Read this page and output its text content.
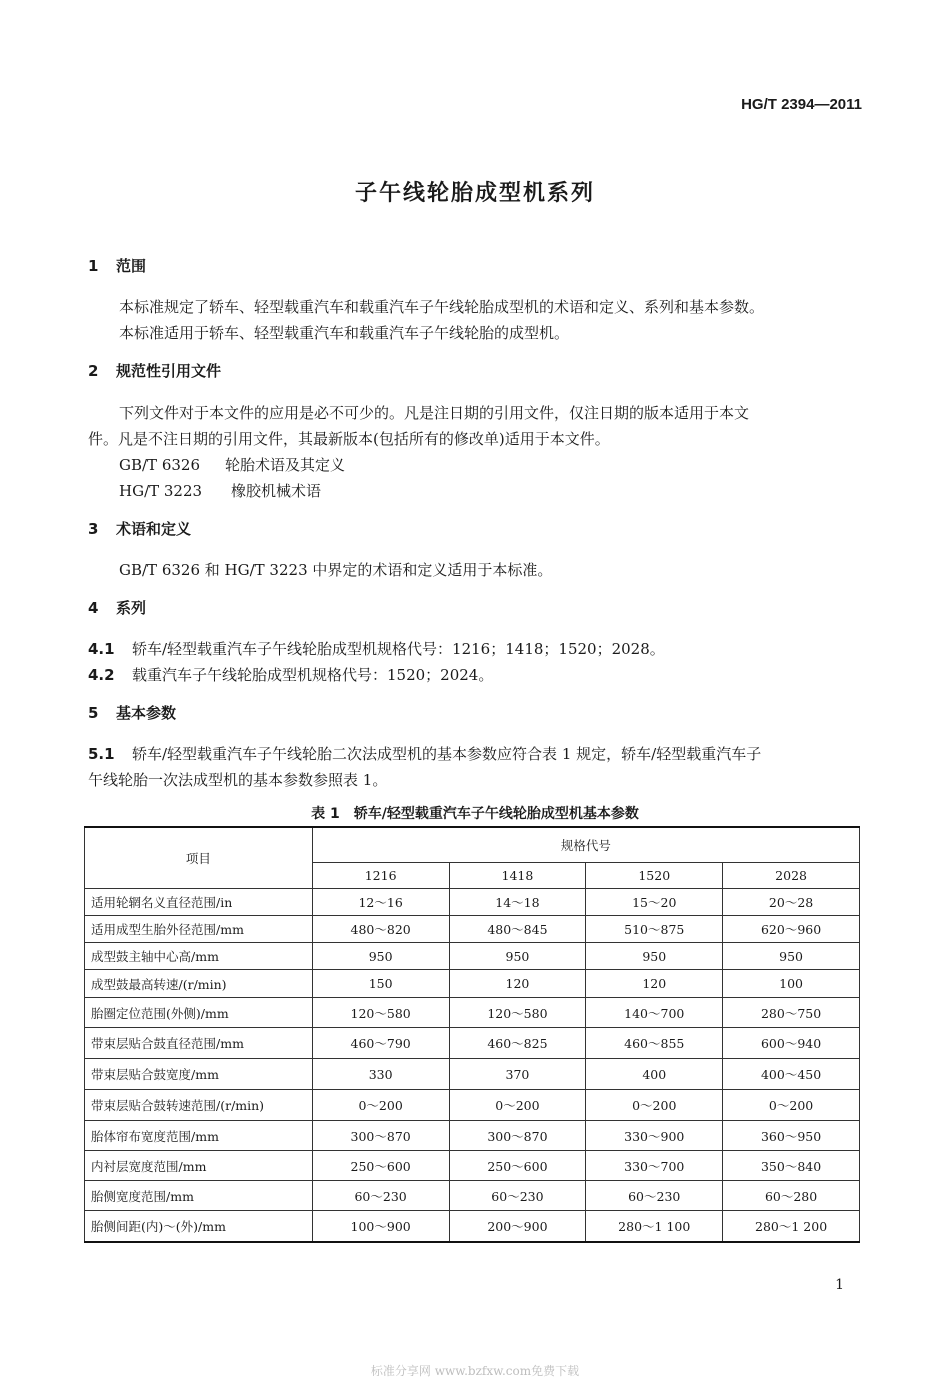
HG/T 2394—2011
子午线轮胎成型机系列
1 范围
本标准规定了轿车、轻型载重汽车和载重汽车子午线轮胎成型机的术语和定义、系列和基本参数。
本标准适用于轿车、轻型载重汽车和载重汽车子午线轮胎的成型机。
2 规范性引用文件
下列文件对于本文件的应用是必不可少的。凡是注日期的引用文件，仅注日期的版本适用于本文
件。凡是不注日期的引用文件，其最新版本(包括所有的修改单)适用于本文件。
GB/T 6326 轮胎术语及其定义
HG/T 3223 橡胶机械术语
3 术语和定义
GB/T 6326 和 HG/T 3223 中界定的术语和定义适用于本标准。
4 系列
4.1 轿车/轻型载重汽车子午线轮胎成型机规格代号：1216；1418；1520；2028。
4.2 载重汽车子午线轮胎成型机规格代号：1520；2024。
5 基本参数
5.1 轿车/轻型载重汽车子午线轮胎二次法成型机的基本参数应符合表 1 规定，轿车/轻型载重汽车子
午线轮胎一次法成型机的基本参数参照表 1。
表 1　轿车/轻型载重汽车子午线轮胎成型机基本参数
项目	规格代号			
	1216	1418	1520	2028
适用轮辋名义直径范围/in	12～16	14～18	15～20	20～28
适用成型生胎外径范围/mm	480～820	480～845	510～875	620～960
成型鼓主轴中心高/mm	950	950	950	950
成型鼓最高转速/(r/min)	150	120	120	100
胎圈定位范围(外侧)/mm	120～580	120～580	140～700	280～750
带束层贴合鼓直径范围/mm	460～790	460～825	460～855	600～940
带束层贴合鼓宽度/mm	330	370	400	400～450
带束层贴合鼓转速范围/(r/min)	0～200	0～200	0～200	0～200
胎体帘布宽度范围/mm	300～870	300～870	330～900	360～950
内衬层宽度范围/mm	250～600	250～600	330～700	350～840
胎侧宽度范围/mm	60～230	60～230	60～230	60～280
胎侧间距(内)～(外)/mm	100～900	200～900	280～1 100	280～1 200
1
标准分享网 www.bzfxw.com免费下载
